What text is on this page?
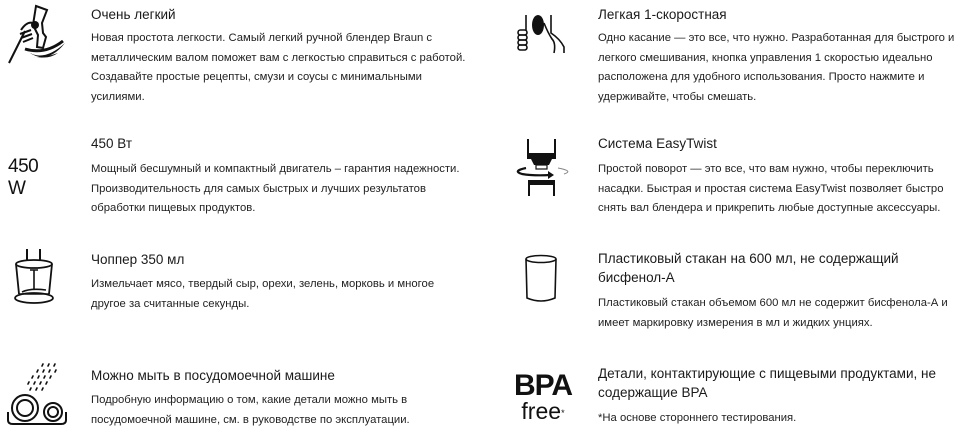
Очень легкий
Новая простота легкости. Самый легкий ручной блендер Braun с металлическим валом поможет вам с легкостью справиться с работой. Создавайте простые рецепты, смузи и соусы с минимальными усилиями.
Легкая 1-скоростная
Одно касание — это все, что нужно. Разработанная для быстрого и легкого смешивания, кнопка управления 1 скоростью идеально расположена для удобного использования. Просто нажмите и удерживайте, чтобы смешать.
450 W
450 Вт
Мощный бесшумный и компактный двигатель – гарантия надежности. Производительность для самых быстрых и лучших результатов обработки пищевых продуктов.
Система EasyTwist
Простой поворот — это все, что вам нужно, чтобы переключить насадки. Быстрая и простая система EasyTwist позволяет быстро снять вал блендера и прикрепить любые доступные аксессуары.
Чоппер 350 мл
Измельчает мясо, твердый сыр, орехи, зелень, морковь и многое другое за считанные секунды.
Пластиковый стакан на 600 мл, не содержащий бисфенол-А
Пластиковый стакан объемом 600 мл не содержит бисфенола-А и имеет маркировку измерения в мл и жидких унциях.
Можно мыть в посудомоечной машине
Подробную информацию о том, какие детали можно мыть в посудомоечной машине, см. в руководстве по эксплуатации.
BPA
free*
Детали, контактирующие с пищевыми продуктами, не содержащие BPA
*На основе стороннего тестирования.
